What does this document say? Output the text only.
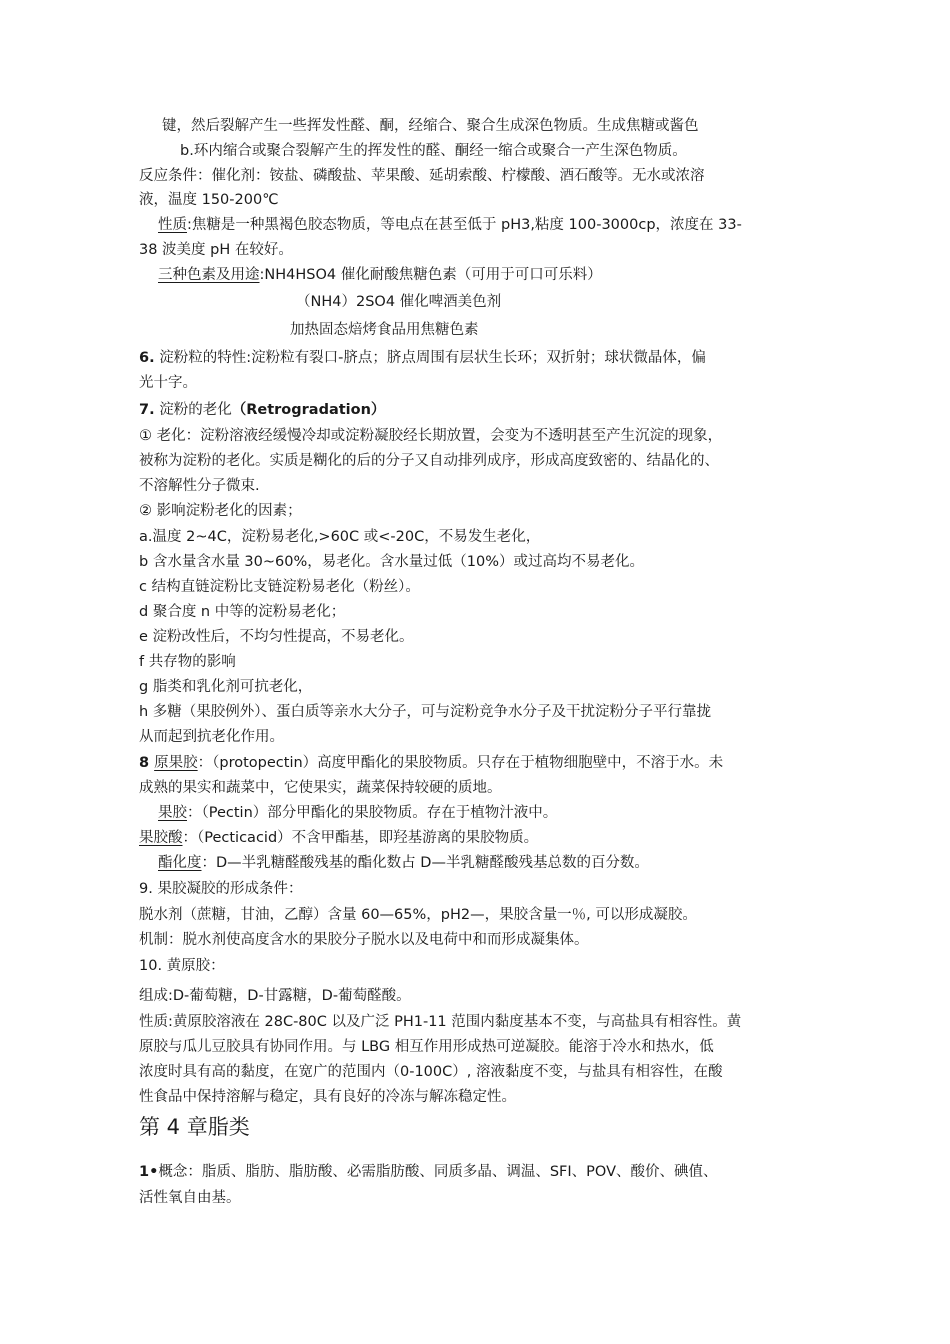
键，然后裂解产生一些挥发性醛、酮，经缩合、聚合生成深色物质。生成焦糖或酱色
b.环内缩合或聚合裂解产生的挥发性的醛、酮经一缩合或聚合一产生深色物质。
反应条件：催化剂：铵盐、磷酸盐、苹果酸、延胡索酸、柠檬酸、酒石酸等。无水或浓溶
液，温度 150-200℃
性质:焦糖是一种黑褐色胶态物质，等电点在甚至低于 pH3,粘度 100-3000cp，浓度在 33-
38 波美度 pH 在较好。
三种色素及用途:NH4HSO4 催化耐酸焦糖色素（可用于可口可乐料）
（NH4）2SO4 催化啤酒美色剂
加热固态焙烤食品用焦糖色素
6. 淀粉粒的特性:淀粉粒有裂口-脐点；脐点周围有层状生长环；双折射；球状微晶体，偏
光十字。
7. 淀粉的老化（Retrogradation）
① 老化：淀粉溶液经缓慢冷却或淀粉凝胶经长期放置，会变为不透明甚至产生沉淀的现象，
被称为淀粉的老化。实质是糊化的后的分子又自动排列成序，形成高度致密的、结晶化的、
不溶解性分子微束.
② 影响淀粉老化的因素；
a.温度 2~4C，淀粉易老化,>60C 或<-20C，不易发生老化，
b 含水量含水量 30~60%，易老化。含水量过低（10%）或过高均不易老化。
c 结构直链淀粉比支链淀粉易老化（粉丝）。
d 聚合度 n 中等的淀粉易老化；
e 淀粉改性后，不均匀性提高，不易老化。
f 共存物的影响
g 脂类和乳化剂可抗老化，
h 多糖（果胶例外）、蛋白质等亲水大分子，可与淀粉竞争水分子及干扰淀粉分子平行靠拢
从而起到抗老化作用。
8 原果胶：（protopectin）高度甲酯化的果胶物质。只存在于植物细胞壁中，不溶于水。未
成熟的果实和蔬菜中，它使果实，蔬菜保持较硬的质地。
果胶：（Pectin）部分甲酯化的果胶物质。存在于植物汁液中。
果胶酸：（Pecticacid）不含甲酯基，即羟基游离的果胶物质。
酯化度：D—半乳糖醛酸残基的酯化数占 D—半乳糖醛酸残基总数的百分数。
9. 果胶凝胶的形成条件：
脱水剂（蔗糖，甘油，乙醇）含量 60—65%，pH2—，果胶含量一％, 可以形成凝胶。
机制：脱水剂使高度含水的果胶分子脱水以及电荷中和而形成凝集体。
10. 黄原胶：
组成:D-葡萄糖，D-甘露糖，D-葡萄醛酸。
性质:黄原胶溶液在 28C-80C 以及广泛 PH1-11 范围内黏度基本不变，与高盐具有相容性。黄
原胶与瓜儿豆胶具有协同作用。与 LBG 相互作用形成热可逆凝胶。能溶于冷水和热水，低
浓度时具有高的黏度，在宽广的范围内（0-100C）, 溶液黏度不变，与盐具有相容性，在酸
性食品中保持溶解与稳定，具有良好的冷冻与解冻稳定性。
第 4 章脂类
1•概念：脂质、脂肪、脂肪酸、必需脂肪酸、同质多晶、调温、SFI、POV、酸价、碘值、
活性氧自由基。
